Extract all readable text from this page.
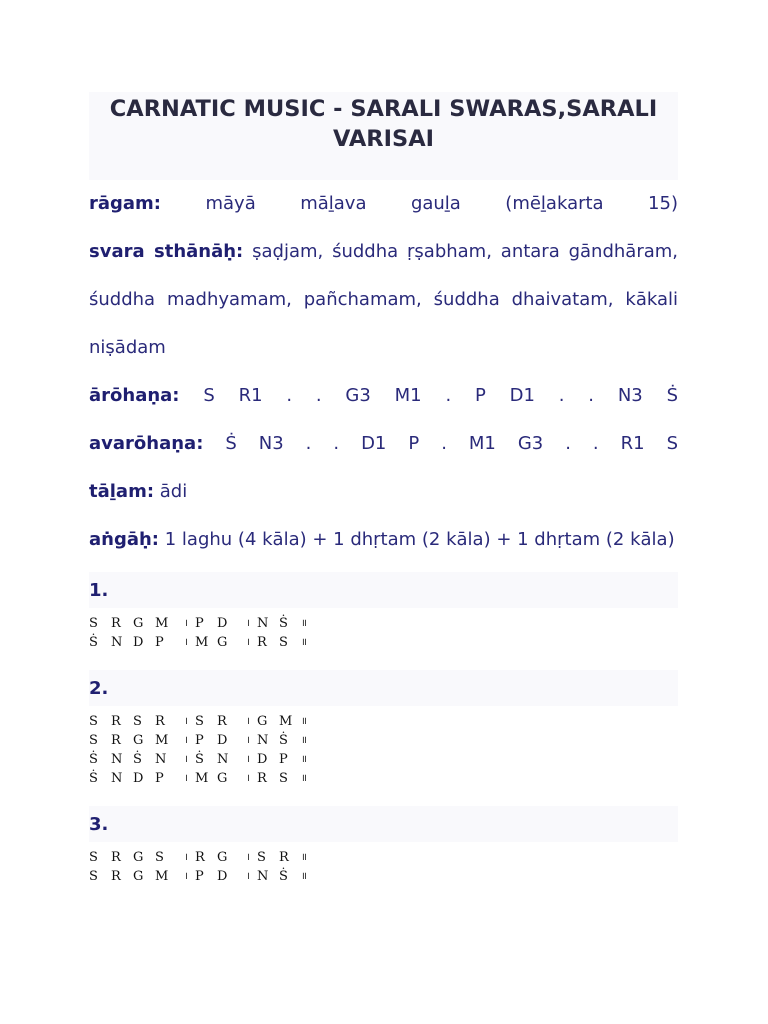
CARNATIC MUSIC - SARALI SWARAS,SARALI VARISAI

rāgam: māyā māḻava gauḻa (mēḻakarta 15)

svara sthānāḥ: ṣaḍjam, śuddha ṛṣabham, antara gāndhāram, śuddha madhyamam, pañchamam, śuddha dhaivatam, kākali niṣādam

ārōhaṇa: S R1 . . G3 M1 . P D1 . . N3 Ṡ

avarōhaṇa: Ṡ N3 . . D1 P . M1 G3 . . R1 S

tāḻam: ādi

aṅgāḥ: 1 laghu (4 kāla) + 1 dhṛtam (2 kāla) + 1 dhṛtam (2 kāla)

1.
S	R G M	। P	D	। N Ṡ	॥
Ṡ	N D P	। M G	। R S	॥
2.
S	R S	R	। S	R	। G M ॥
S	R G M	। P	D	। N Ṡ	॥
Ṡ	N Ṡ	N	। Ṡ	N	। D P	॥
Ṡ	N D P	। M G	। R S	॥
3.
S	R G S	। R G	। S	R	॥
S	R G M	। P	D	। N Ṡ	॥
